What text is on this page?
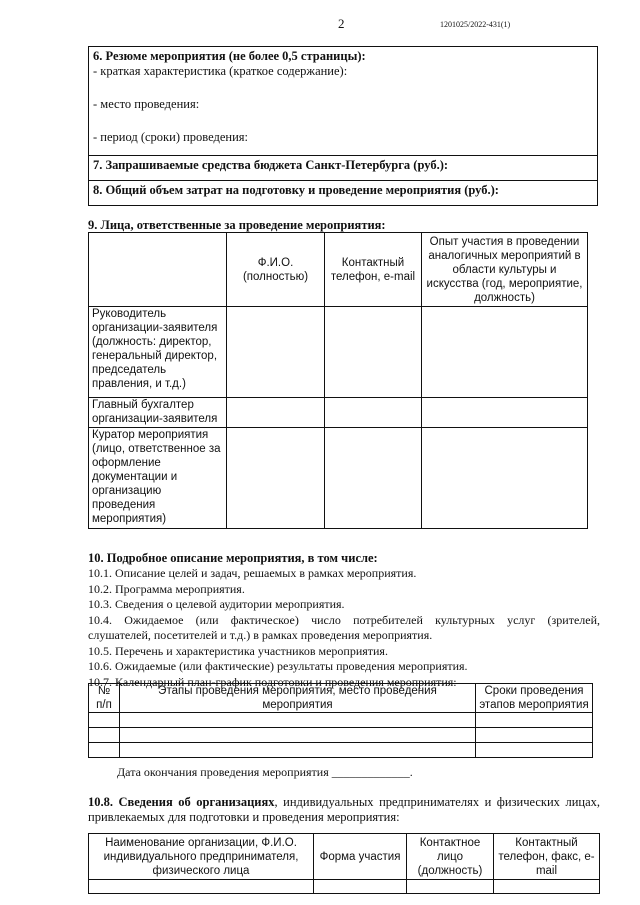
2	1201025/2022-431(1)
6. Резюме мероприятия (не более 0,5 страницы):
- краткая характеристика (краткое содержание):
- место проведения:
- период (сроки) проведения:

7. Запрашиваемые средства бюджета Санкт-Петербурга (руб.):
8. Общий объем затрат на подготовку и проведение мероприятия (руб.):
9. Лица, ответственные за проведение мероприятия:
	Ф.И.О. (полностью)	Контактный телефон, e-mail	Опыт участия в проведении аналогичных мероприятий в области культуры и искусства (год, мероприятие, должность)
Руководитель организации-заявителя (должность: директор, генеральный директор, председатель правления, и т.д.)			
Главный бухгалтер организации-заявителя			
Куратор мероприятия (лицо, ответственное за оформление документации и организацию проведения мероприятия)			
10. Подробное описание мероприятия, в том числе:

10.1. Описание целей и задач, решаемых в рамках мероприятия.

10.2. Программа мероприятия.

10.3. Сведения о целевой аудитории мероприятия.

10.4. Ожидаемое (или фактическое) число потребителей культурных услуг (зрителей,

слушателей, посетителей и т.д.) в рамках проведения мероприятия.

10.5. Перечень и характеристика участников мероприятия.

10.6. Ожидаемые (или фактические) результаты проведения мероприятия.

10.7. Календарный план-график подготовки и проведения мероприятия:

№ п/п	Этапы проведения мероприятия, место проведения мероприятия	Сроки проведения этапов мероприятия

Дата окончания проведения мероприятия _____________.
10.8. Сведения об организациях, индивидуальных предпринимателях и физических лицах,
привлекаемых для подготовки и проведения мероприятия:
Наименование организации, Ф.И.О. индивидуального предпринимателя, физического лица	Форма участия	Контактное лицо (должность)	Контактный телефон, факс, e-mail
